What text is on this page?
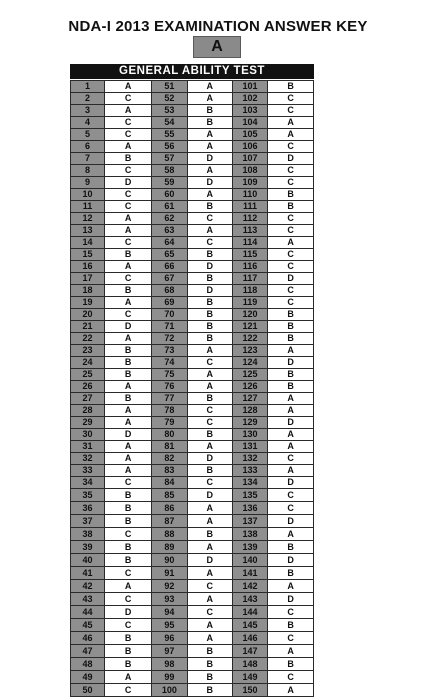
NDA-I 2013 EXAMINATION ANSWER KEY
A
GENERAL ABILITY TEST
1	A	51	A	101	B
2	C	52	A	102	C
3	A	53	B	103	C
4	C	54	B	104	A
5	C	55	A	105	A
6	A	56	A	106	C
7	B	57	D	107	D
8	C	58	A	108	C
9	D	59	D	109	C
10	C	60	A	110	B
11	C	61	B	111	B
12	A	62	C	112	C
13	A	63	A	113	C
14	C	64	C	114	A
15	B	65	B	115	C
16	A	66	D	116	C
17	C	67	B	117	D
18	B	68	D	118	C
19	A	69	B	119	C
20	C	70	B	120	B
21	D	71	B	121	B
22	A	72	B	122	B
23	B	73	A	123	A
24	B	74	C	124	D
25	B	75	A	125	B
26	A	76	A	126	B
27	B	77	B	127	A
28	A	78	C	128	A
29	A	79	C	129	D
30	D	80	B	130	A
31	A	81	A	131	A
32	A	82	D	132	C
33	A	83	B	133	A
34	C	84	C	134	D
35	B	85	D	135	C
36	B	86	A	136	C
37	B	87	A	137	D
38	C	88	B	138	A
39	B	89	A	139	B
40	B	90	D	140	D
41	C	91	A	141	B
42	A	92	C	142	A
43	C	93	A	143	D
44	D	94	C	144	C
45	C	95	A	145	B
46	B	96	A	146	C
47	B	97	B	147	A
48	B	98	B	148	B
49	A	99	B	149	C
50	C	100	B	150	A
